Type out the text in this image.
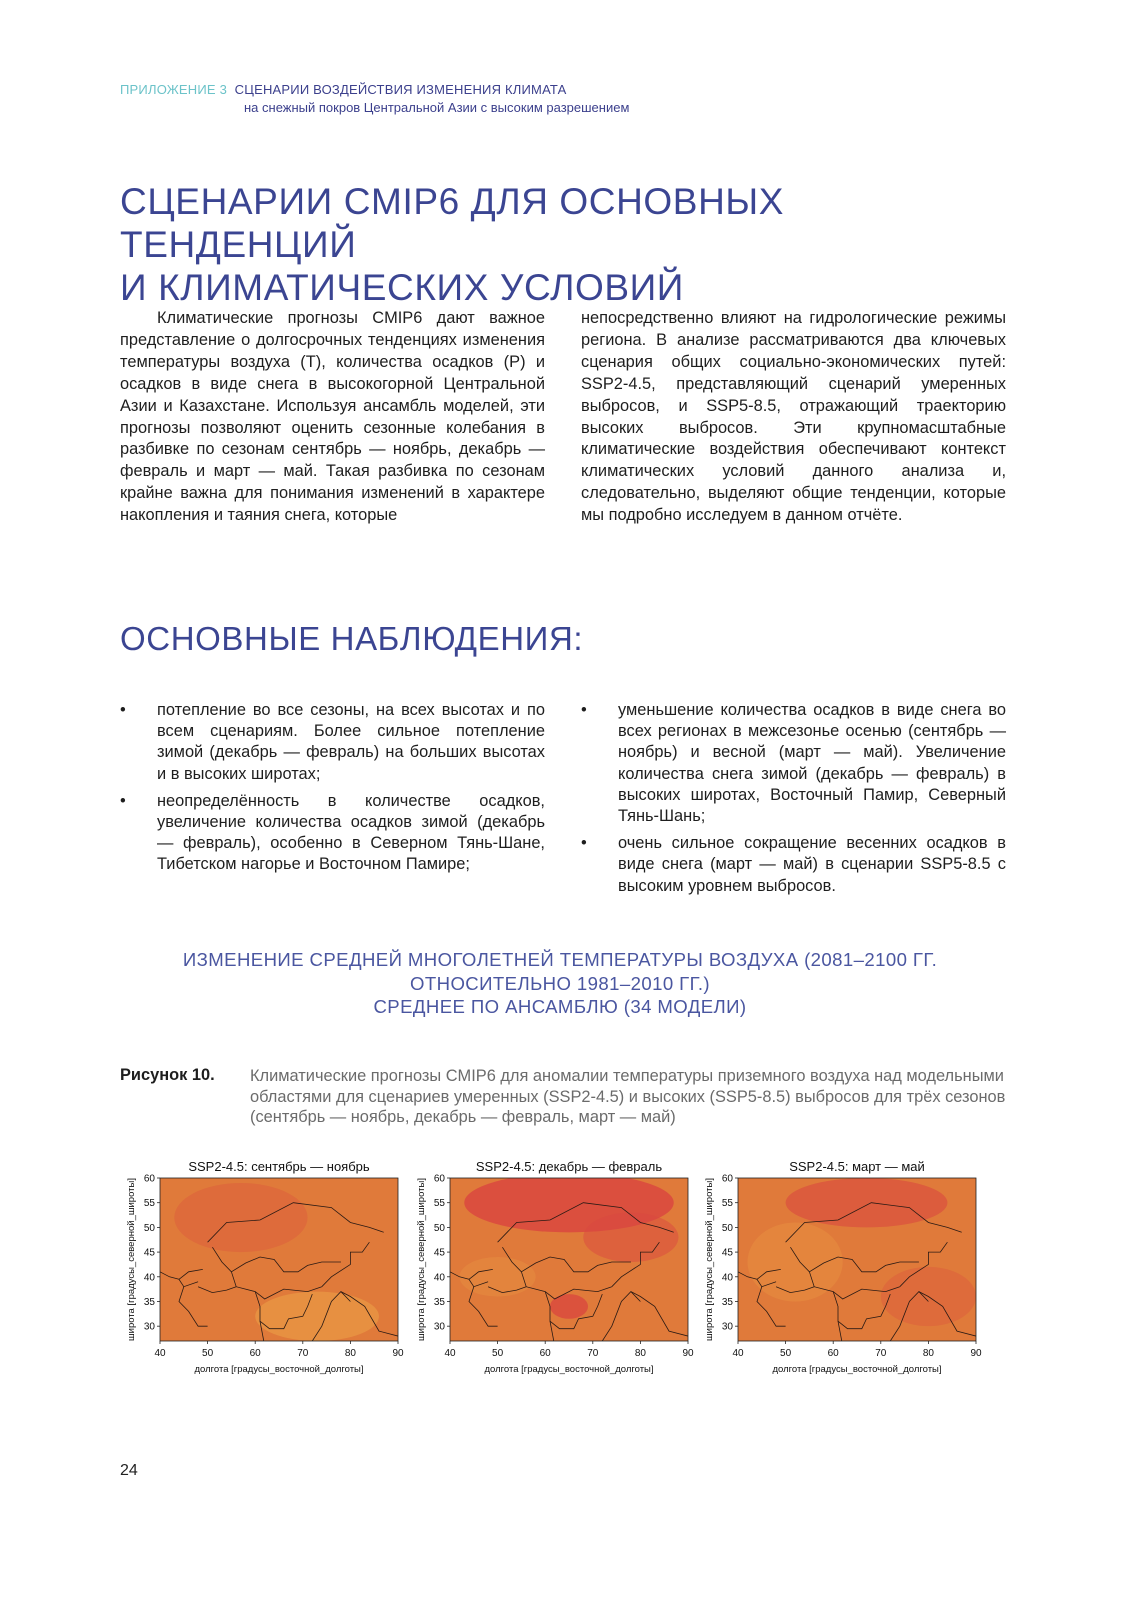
ПРИЛОЖЕНИЕ 3 СЦЕНАРИИ ВОЗДЕЙСТВИЯ ИЗМЕНЕНИЯ КЛИМАТА
на снежный покров Центральной Азии с высоким разрешением
СЦЕНАРИИ CMIP6 ДЛЯ ОСНОВНЫХ ТЕНДЕНЦИЙ
И КЛИМАТИЧЕСКИХ УСЛОВИЙ
Климатические прогнозы CMIP6 дают важное представление о долгосрочных тенденциях изменения температуры воздуха (T), количества осадков (P) и осадков в виде снега в высокогорной Центральной Азии и Казахстане. Используя ансамбль моделей, эти прогнозы позволяют оценить сезонные колебания в разбивке по сезонам сентябрь — ноябрь, декабрь — февраль и март — май. Такая разбивка по сезонам крайне важна для понимания изменений в характере накопления и таяния снега, которые
непосредственно влияют на гидрологические режимы региона. В анализе рассматриваются два ключевых сценария общих социально-экономических путей: SSP2-4.5, представляющий сценарий умеренных выбросов, и SSP5-8.5, отражающий траекторию высоких выбросов. Эти крупномасштабные климатические воздействия обеспечивают контекст климатических условий данного анализа и, следовательно, выделяют общие тенденции, которые мы подробно исследуем в данном отчёте.
ОСНОВНЫЕ НАБЛЮДЕНИЯ:
• потепление во все сезоны, на всех высотах и по всем сценариям. Более сильное потепление зимой (декабрь — февраль) на больших высотах и в высоких широтах;
• неопределённость в количестве осадков, увеличение количества осадков зимой (декабрь — февраль), особенно в Северном Тянь-Шане, Тибетском нагорье и Восточном Памире;
• уменьшение количества осадков в виде снега во всех регионах в межсезонье осенью (сентябрь — ноябрь) и весной (март — май). Увеличение количества снега зимой (декабрь — февраль) в высоких широтах, Восточный Памир, Северный Тянь-Шань;
• очень сильное сокращение весенних осадков в виде снега (март — май) в сценарии SSP5-8.5 с высоким уровнем выбросов.
ИЗМЕНЕНИЕ СРЕДНЕЙ МНОГОЛЕТНЕЙ ТЕМПЕРАТУРЫ ВОЗДУХА (2081–2100 ГГ.
ОТНОСИТЕЛЬНО 1981–2010 ГГ.)
СРЕДНЕЕ ПО АНСАМБЛЮ (34 МОДЕЛИ)
Рисунок 10. Климатические прогнозы CMIP6 для аномалии температуры приземного воздуха над модельными областями для сценариев умеренных (SSP2-4.5) и высоких (SSP5-8.5) выбросов для трёх сезонов (сентябрь — ноябрь, декабрь — февраль, март — май)
SSP2-4.5: сентябрь — ноябрь
40	50	60	70	80	90
30
35
40
45
50
55
60
долгота [градусы_восточной_долготы]
широта [градусы_северной_широты]
SSP2-4.5: декабрь — февраль
40	50	60	70	80	90
30
35
40
45
50
55
60
долгота [градусы_восточной_долготы]
широта [градусы_северной_широты]
SSP2-4.5: март — май
40	50	60	70	80	90
30
35
40
45
50
55
60
долгота [градусы_восточной_долготы]
широта [градусы_северной_широты]
24
